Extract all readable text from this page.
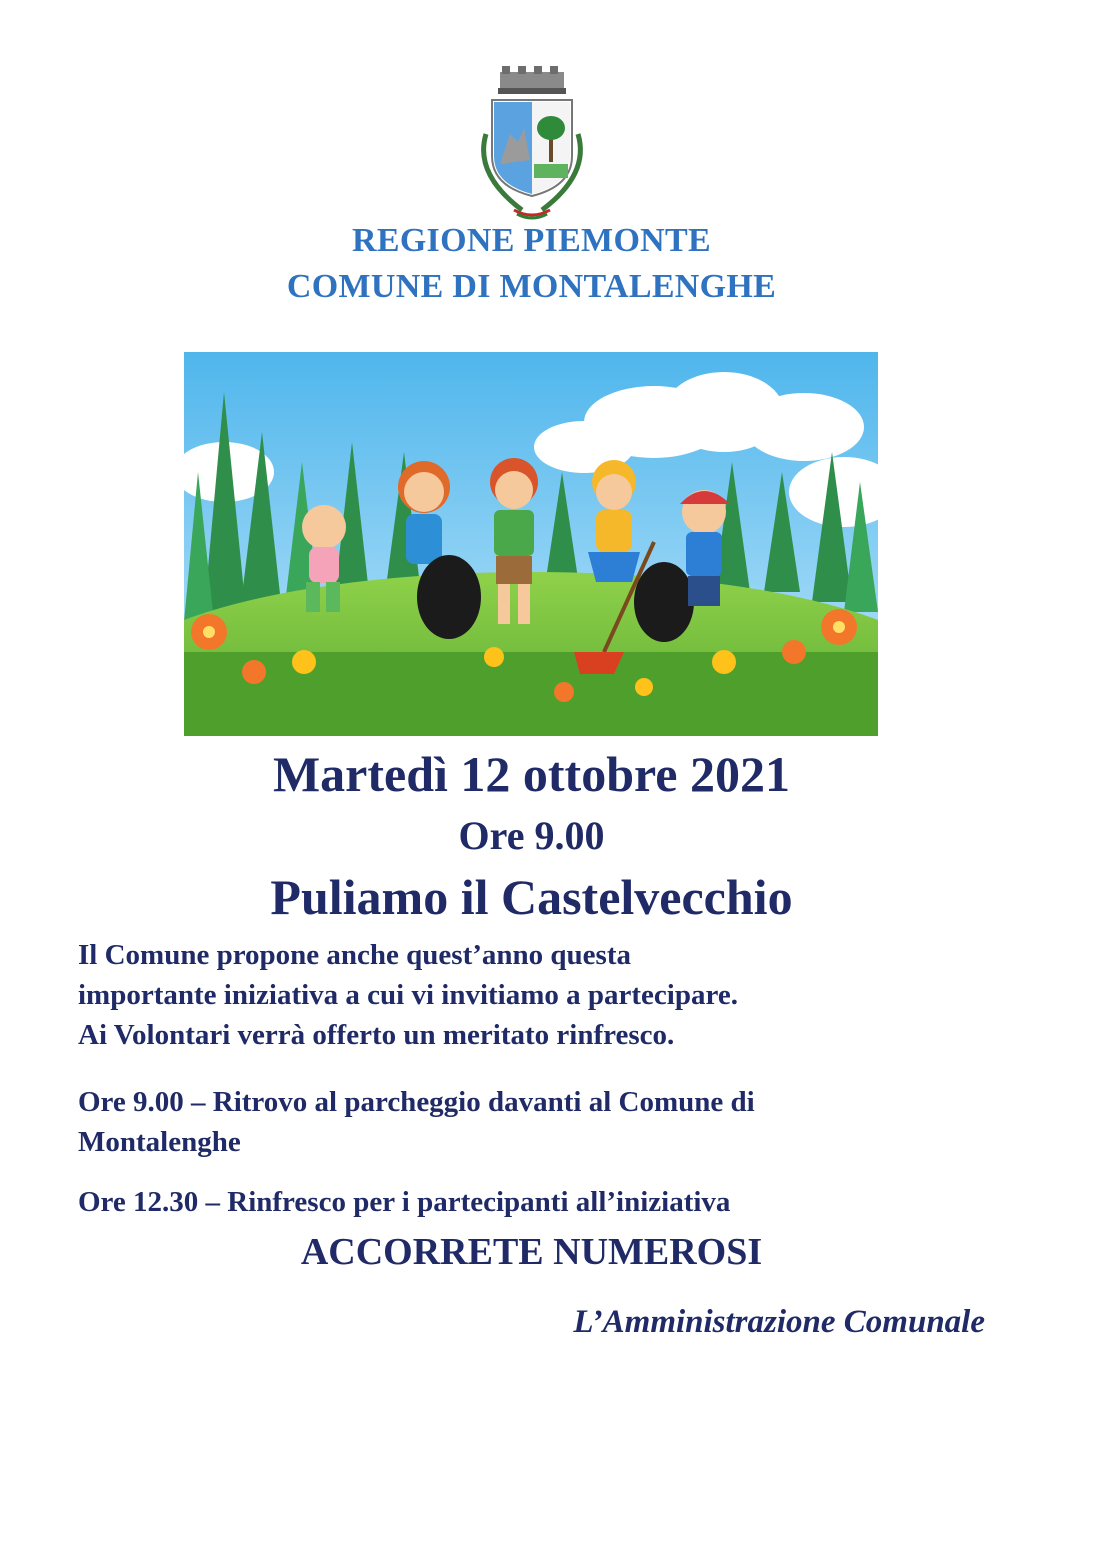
REGIONE PIEMONTE
COMUNE DI MONTALENGHE
Martedì 12 ottobre 2021
Ore 9.00
Puliamo il Castelvecchio
Il Comune propone anche quest’anno questa
importante iniziativa a cui vi invitiamo a partecipare.
Ai Volontari verrà offerto un meritato rinfresco.
Ore 9.00 – Ritrovo al parcheggio davanti al Comune di
Montalenghe
Ore 12.30 – Rinfresco per i partecipanti all’iniziativa
ACCORRETE NUMEROSI
L’Amministrazione Comunale
